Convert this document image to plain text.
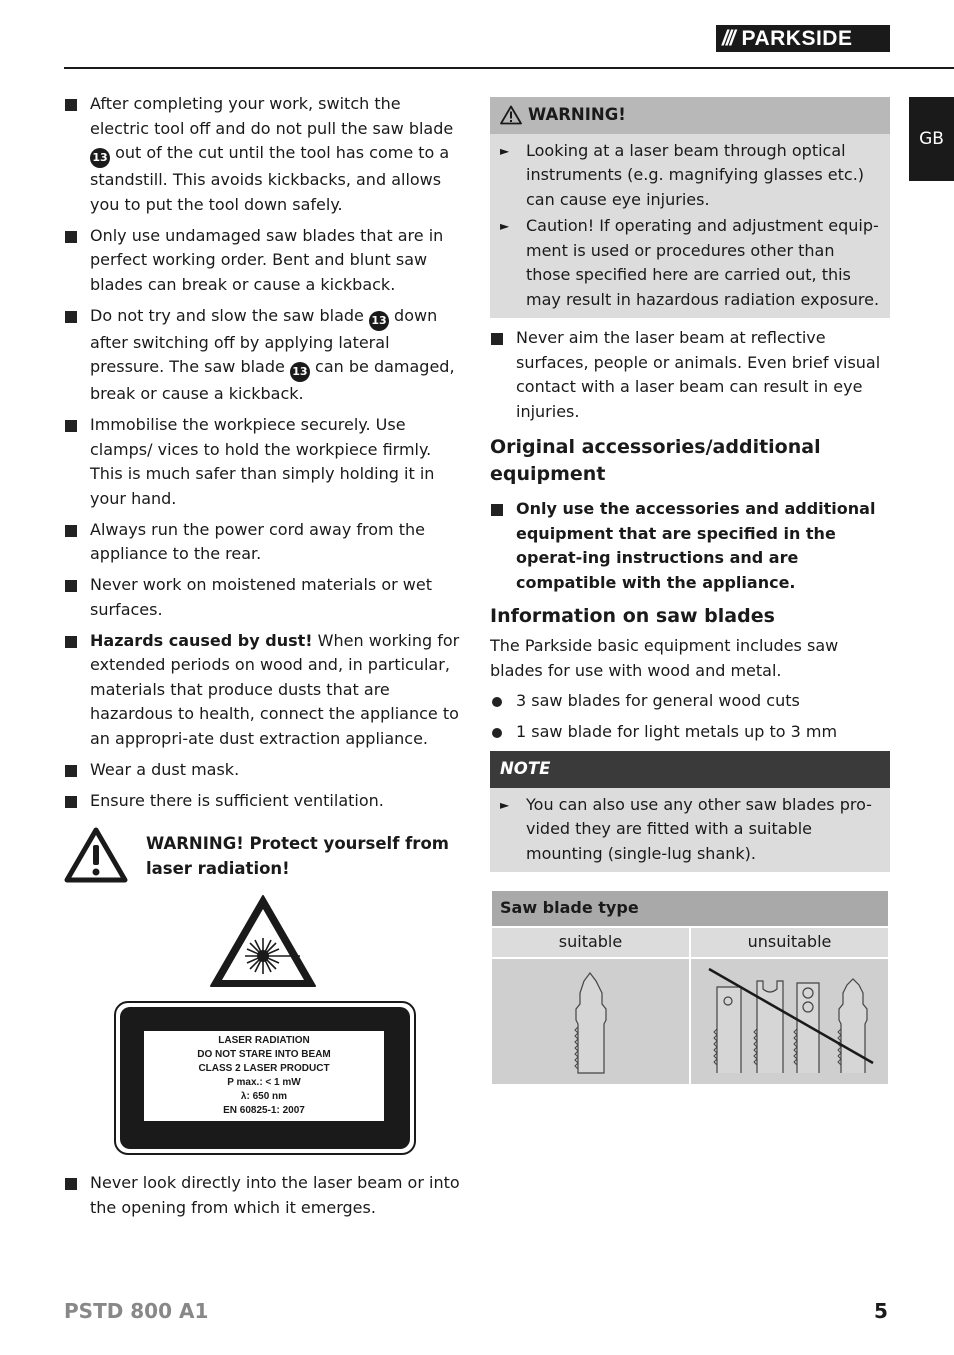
/// PARKSIDE
GB
After completing your work, switch the electric tool off and do not pull the saw blade 13 out of the cut until the tool has come to a standstill. This avoids kickbacks, and allows you to put the tool down safely.
Only use undamaged saw blades that are in perfect working order. Bent and blunt saw blades can break or cause a kickback.
Do not try and slow the saw blade 13 down after switching off by applying lateral pressure. The saw blade 13 can be damaged, break or cause a kickback.
Immobilise the workpiece securely. Use clamps/ vices to hold the workpiece firmly. This is much safer than simply holding it in your hand.
Always run the power cord away from the appliance to the rear.
Never work on moistened materials or wet surfaces.
Hazards caused by dust! When working for extended periods on wood and, in particular, materials that produce dusts that are hazardous to health, connect the appliance to an appropri-ate dust extraction appliance.
Wear a dust mask.
Ensure there is sufficient ventilation.
WARNING! Protect yourself from laser radiation!
LASER RADIATION
DO NOT STARE INTO BEAM
CLASS 2 LASER PRODUCT
P max.: < 1 mW
λ: 650 nm
EN 60825-1: 2007
Never look directly into the laser beam or into the opening from which it emerges.
WARNING!
► Looking at a laser beam through optical instruments (e.g. magnifying glasses etc.) can cause eye injuries.
► Caution! If operating and adjustment equip-ment is used or procedures other than those specified here are carried out, this may result in hazardous radiation exposure.
Never aim the laser beam at reflective surfaces, people or animals. Even brief visual contact with a laser beam can result in eye injuries.
Original accessories/additional equipment
Only use the accessories and additional equipment that are specified in the operat-ing instructions and are compatible with the appliance.
Information on saw blades

The Parkside basic equipment includes saw blades for use with wood and metal.

3 saw blades for general wood cuts
1 saw blade for light metals up to 3 mm
NOTE
► You can also use any other saw blades pro-vided they are fitted with a suitable mounting (single-lug shank).
Saw blade type	
suitable	unsuitable

PSTD 800 A1	5
